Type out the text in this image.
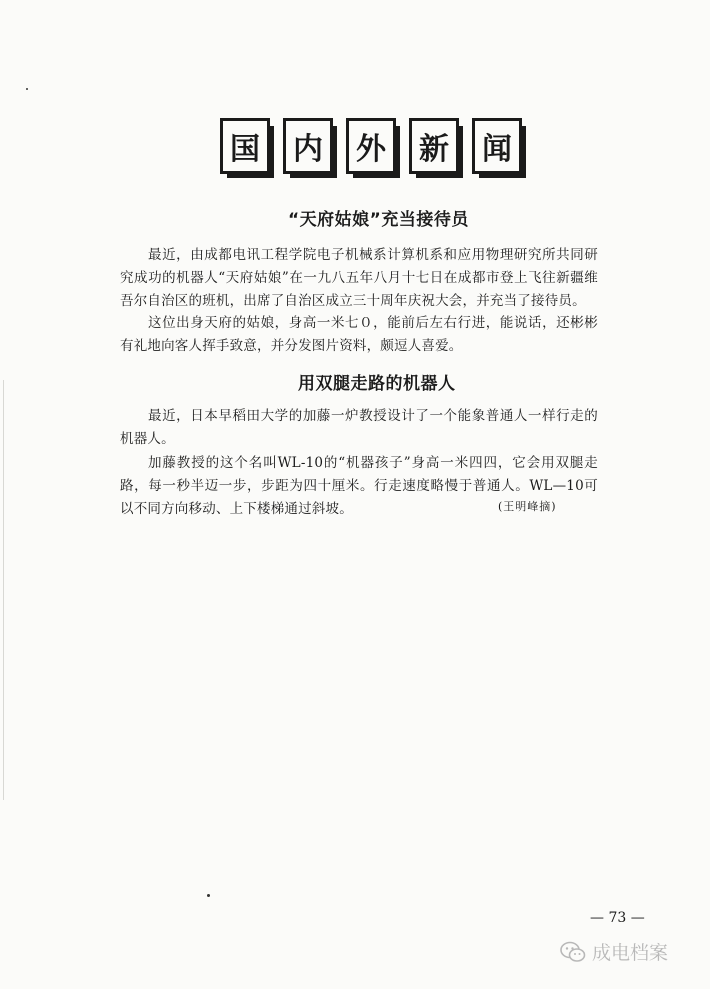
国	内	外	新	闻
“天府姑娘”充当接待员

最近，由成都电讯工程学院电子机械系计算机系和应用物理研究所共同研究成功的机器人“天府姑娘”在一九八五年八月十七日在成都市登上飞往新疆维吾尔自治区的班机，出席了自治区成立三十周年庆祝大会，并充当了接待员。

这位出身天府的姑娘，身高一米七０，能前后左右行进，能说话，还彬彬有礼地向客人挥手致意，并分发图片资料，颇逗人喜爱。

用双腿走路的机器人

最近，日本早稻田大学的加藤一炉教授设计了一个能象普通人一样行走的机器人。

加藤教授的这个名叫WL-10的“机器孩子”身高一米四四，它会用双腿走路，每一秒半迈一步，步距为四十厘米。行走速度略慢于普通人。WL—10可以不同方向移动、上下楼梯通过斜坡。	(王明峰摘)
— 73 —
成电档案
